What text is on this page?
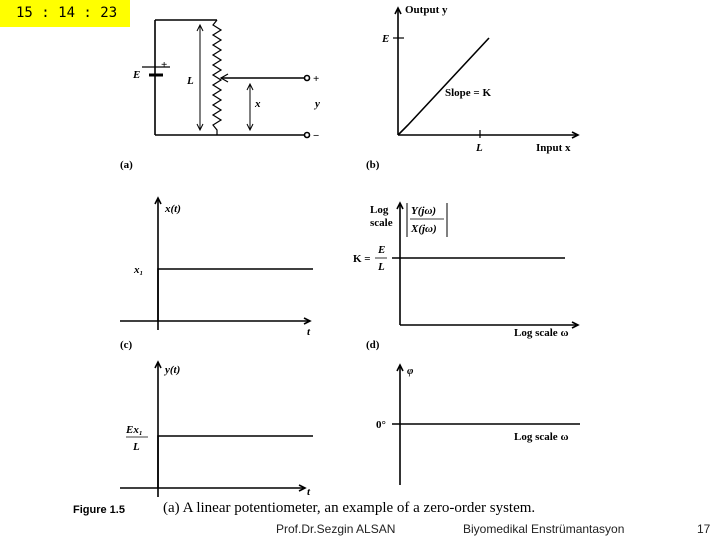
15 : 14 : 23
E
+
L
x	y
+
−
(a)
Output y
E
Slope = K
L	Input x
(b)
x(t)
x₁
t
(c)
Log
scale
Y(jω)
X(jω)
K =
E
L
Log scale ω
(d)
y(t)
Ex₁
L
t
φ
0°
Log scale ω
Figure 1.5	(a) A linear potentiometer, an example of a zero-order system.
Prof.Dr.Sezgin ALSAN	Biyomedikal Enstrümantasyon	17
